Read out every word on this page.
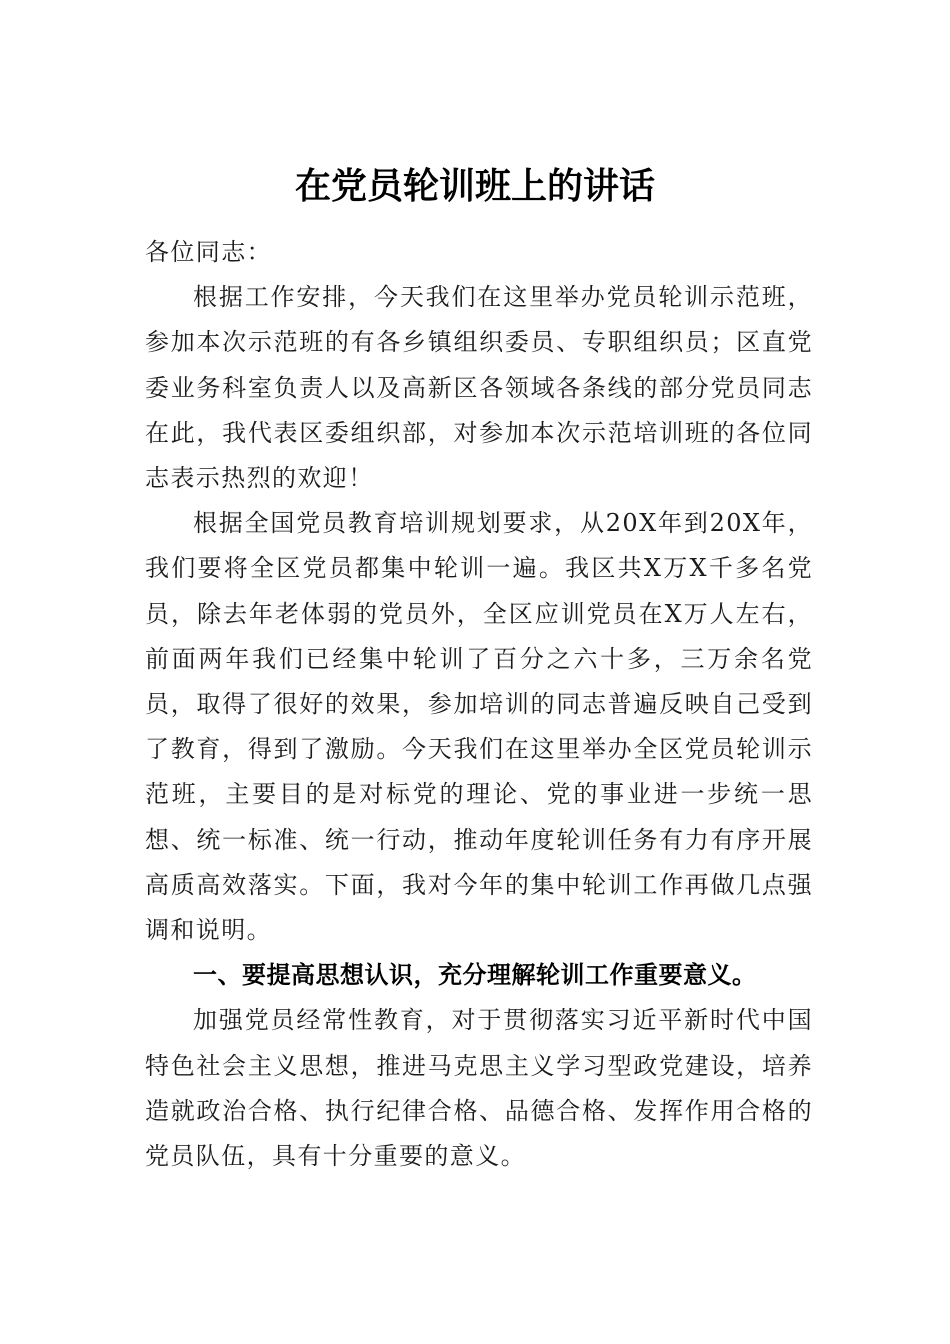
在党员轮训班上的讲话

各位同志：

根据工作安排，今天我们在这里举办党员轮训示范班，参加本次示范班的有各乡镇组织委员、专职组织员；区直党委业务科室负责人以及高新区各领域各条线的部分党员同志在此，我代表区委组织部，对参加本次示范培训班的各位同志表示热烈的欢迎！

根据全国党员教育培训规划要求，从20X年到20X年，我们要将全区党员都集中轮训一遍。我区共X万X千多名党员，除去年老体弱的党员外，全区应训党员在X万人左右，前面两年我们已经集中轮训了百分之六十多，三万余名党员，取得了很好的效果，参加培训的同志普遍反映自己受到了教育，得到了激励。今天我们在这里举办全区党员轮训示范班，主要目的是对标党的理论、党的事业进一步统一思想、统一标准、统一行动，推动年度轮训任务有力有序开展高质高效落实。下面，我对今年的集中轮训工作再做几点强调和说明。

一、要提高思想认识，充分理解轮训工作重要意义。

加强党员经常性教育，对于贯彻落实习近平新时代中国特色社会主义思想，推进马克思主义学习型政党建设，培养造就政治合格、执行纪律合格、品德合格、发挥作用合格的党员队伍，具有十分重要的意义。
